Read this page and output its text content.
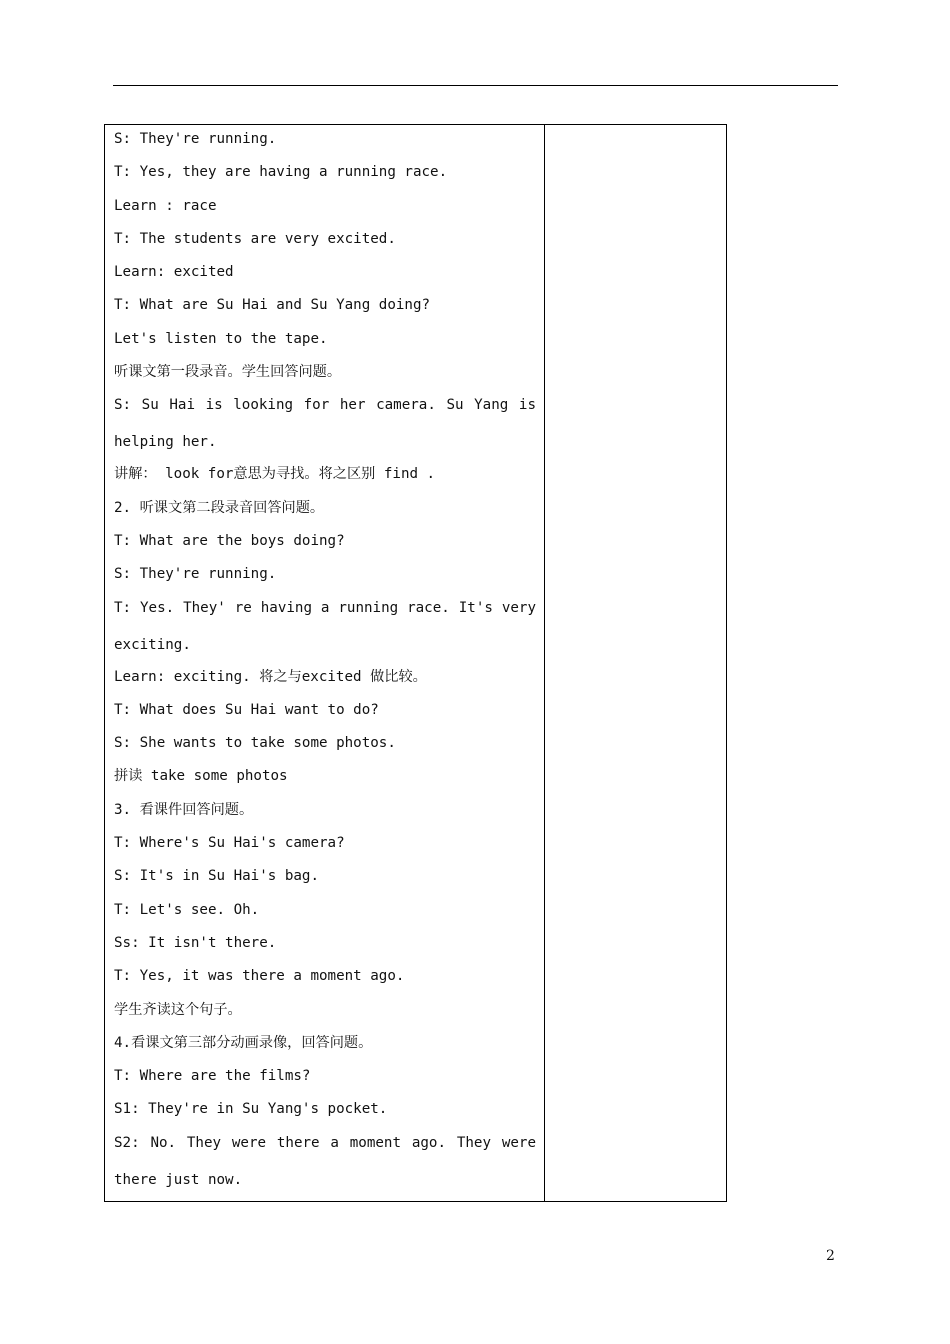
S: They're running.
T: Yes, they are having a running race.
Learn : race
T: The students are very excited.
Learn: excited
T: What are Su Hai and Su Yang doing?
Let's listen to the tape.
听课文第一段录音。学生回答问题。
S: Su Hai is looking for her camera. Su Yang is helping her.
讲解： look for意思为寻找。将之区别 find .
2. 听课文第二段录音回答问题。
T: What are the boys doing?
S: They're running.
T: Yes. They' re having a running race. It's very exciting.
Learn: exciting. 将之与excited 做比较。
T: What does Su Hai want to do?
S: She wants to take some photos.
拼读 take some photos
3. 看课件回答问题。
T: Where's Su Hai's camera?
S: It's in Su Hai's bag.
T: Let's see. Oh.
Ss: It isn't there.
T: Yes, it was there a moment ago.
学生齐读这个句子。
4.看课文第三部分动画录像，回答问题。
T: Where are the films?
S1: They're in Su Yang's pocket.
S2: No. They were there a moment ago. They were there just now.
2
